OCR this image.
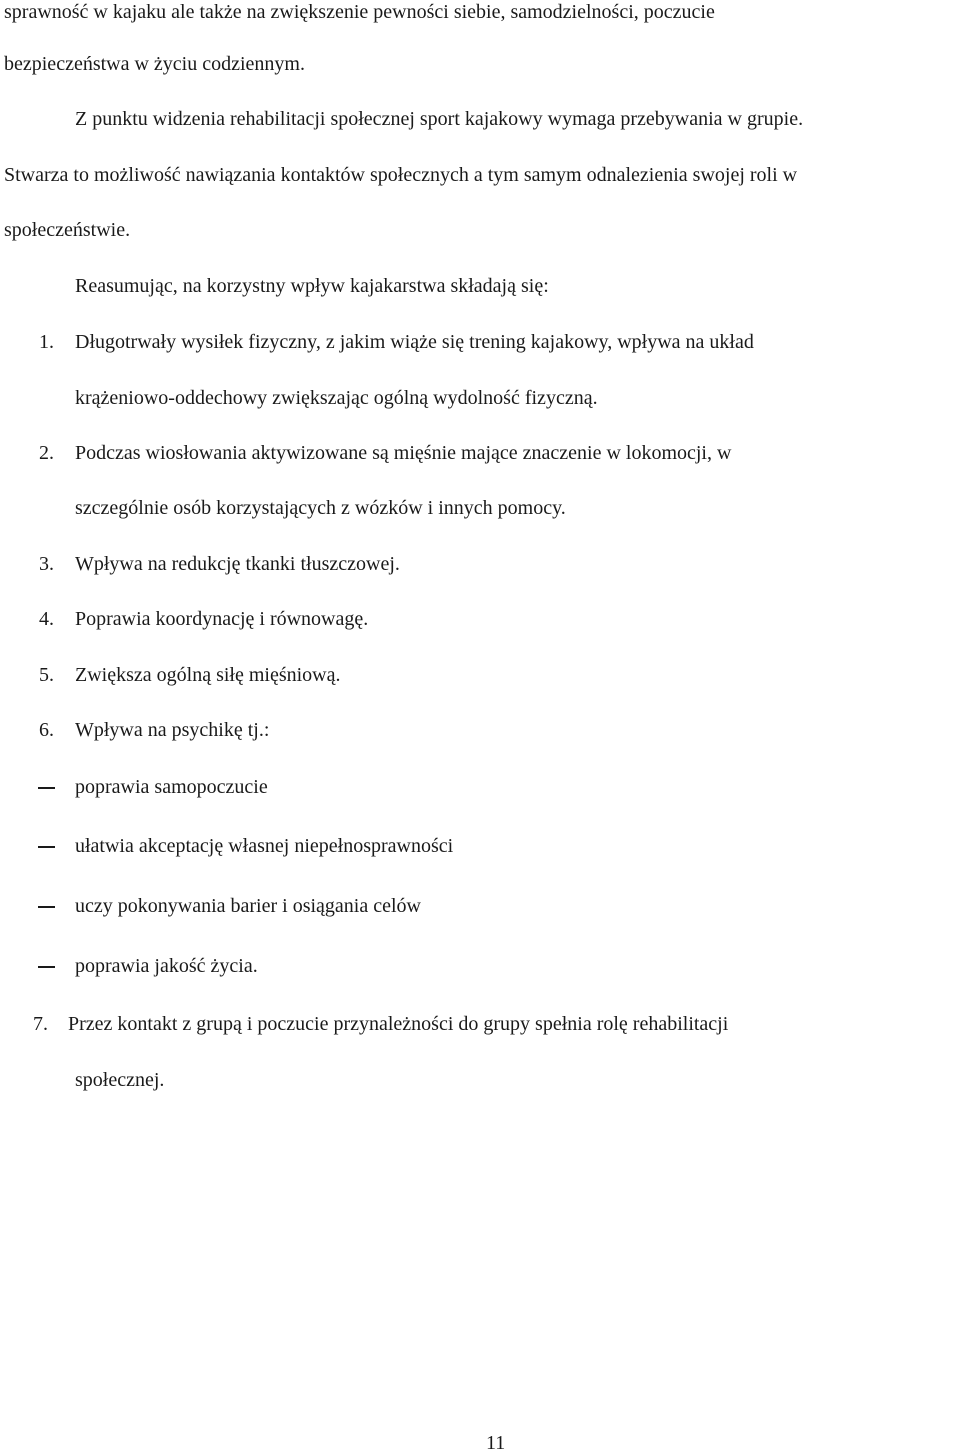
sprawność w kajaku ale także na zwiększenie pewności siebie, samodzielności, poczucie
bezpieczeństwa w życiu codziennym.
Z punktu widzenia rehabilitacji społecznej sport kajakowy wymaga przebywania w grupie.
Stwarza to możliwość nawiązania kontaktów społecznych a tym samym odnalezienia swojej roli w
społeczeństwie.
Reasumując, na korzystny wpływ kajakarstwa składają się:
1. Długotrwały wysiłek fizyczny, z jakim wiąże się trening kajakowy, wpływa na układ
krążeniowo-oddechowy zwiększając ogólną wydolność fizyczną.
2. Podczas wiosłowania aktywizowane są mięśnie mające znaczenie w lokomocji, w
szczególnie osób korzystających z wózków i innych pomocy.
3. Wpływa na redukcję tkanki tłuszczowej.
4. Poprawia koordynację i równowagę.
5. Zwiększa ogólną siłę mięśniową.
6. Wpływa na psychikę tj.:
poprawia samopoczucie
ułatwia akceptację własnej niepełnosprawności
uczy pokonywania barier i osiągania celów
poprawia jakość życia.
7. Przez kontakt z grupą i poczucie przynależności do grupy spełnia rolę rehabilitacji
społecznej.
11
